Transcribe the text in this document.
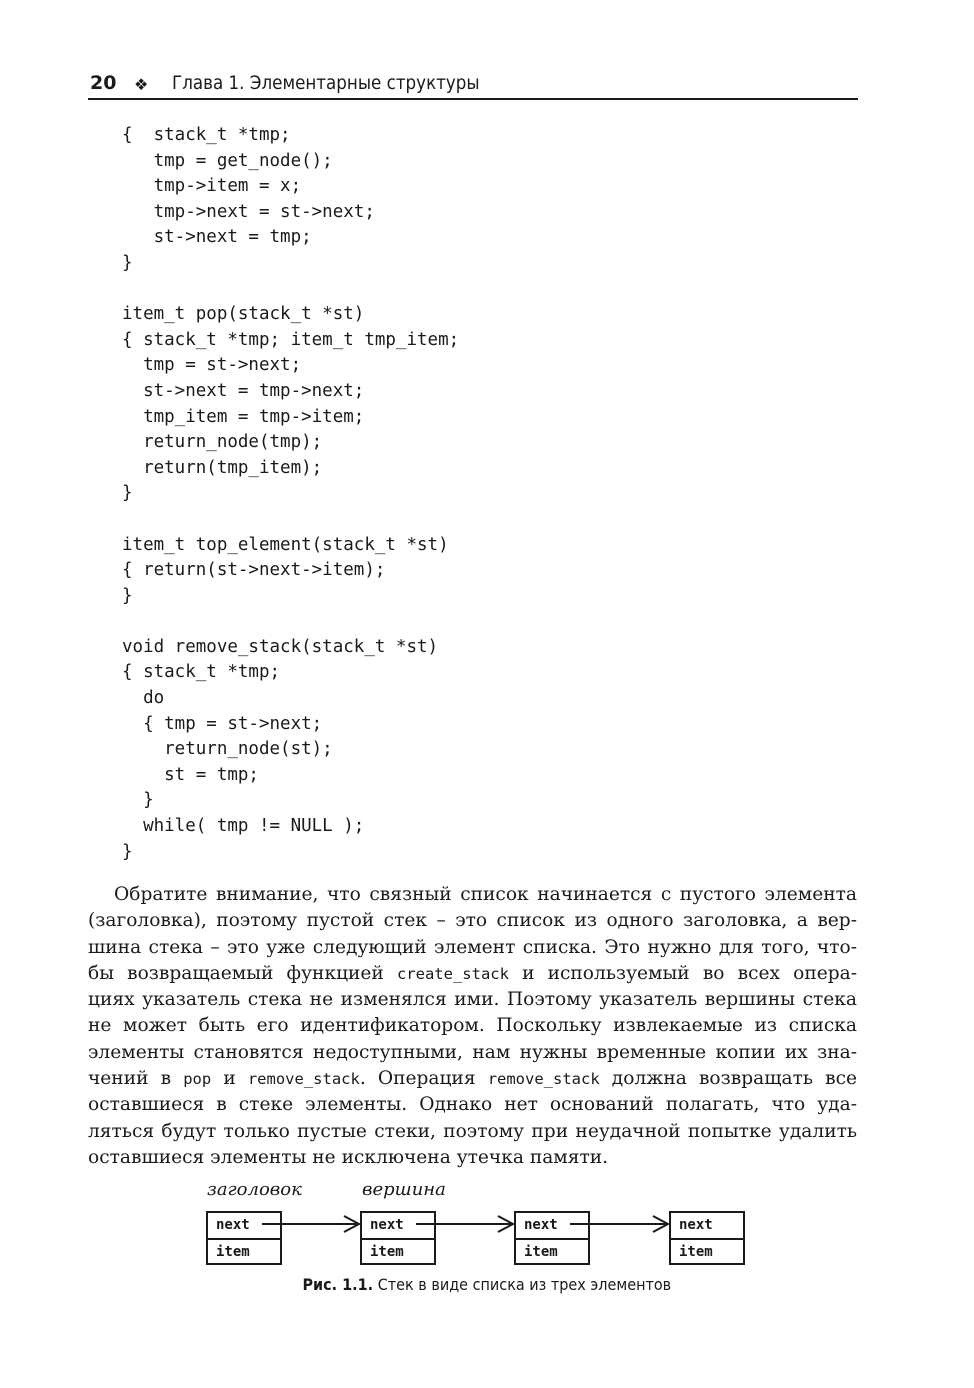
20 ❖ Глава 1. Элементарные структуры
{  stack_t *tmp;
tmp = get_node();
tmp->item = x;
tmp->next = st->next;
st->next = tmp;
}
item_t pop(stack_t *st)
{ stack_t *tmp; item_t tmp_item;
tmp = st->next;
st->next = tmp->next;
tmp_item = tmp->item;
return_node(tmp);
return(tmp_item);
}
item_t top_element(stack_t *st)
{ return(st->next->item);
}
void remove_stack(stack_t *st)
{ stack_t *tmp;
do
{ tmp = st->next;
return_node(st);
st = tmp;
}
while( tmp != NULL );
}
Обратите внимание, что связный список начинается с пустого элемента
(заголовка), поэтому пустой стек – это список из одного заголовка, а вер-
шина стека – это уже следующий элемент списка. Это нужно для того, что-
бы возвращаемый функцией create_stack и используемый во всех опера-
циях указатель стека не изменялся ими. Поэтому указатель вершины стека
не может быть его идентификатором. Поскольку извлекаемые из списка
элементы становятся недоступными, нам нужны временные копии их зна-
чений в pop и remove_stack. Операция remove_stack должна возвращать все
оставшиеся в стеке элементы. Однако нет оснований полагать, что уда-
ляться будут только пустые стеки, поэтому при неудачной попытке удалить
оставшиеся элементы не исключена утечка памяти.
заголовок	вершина
next
item
next
item
next
item
next
item
Рис. 1.1. Стек в виде списка из трех элементов
